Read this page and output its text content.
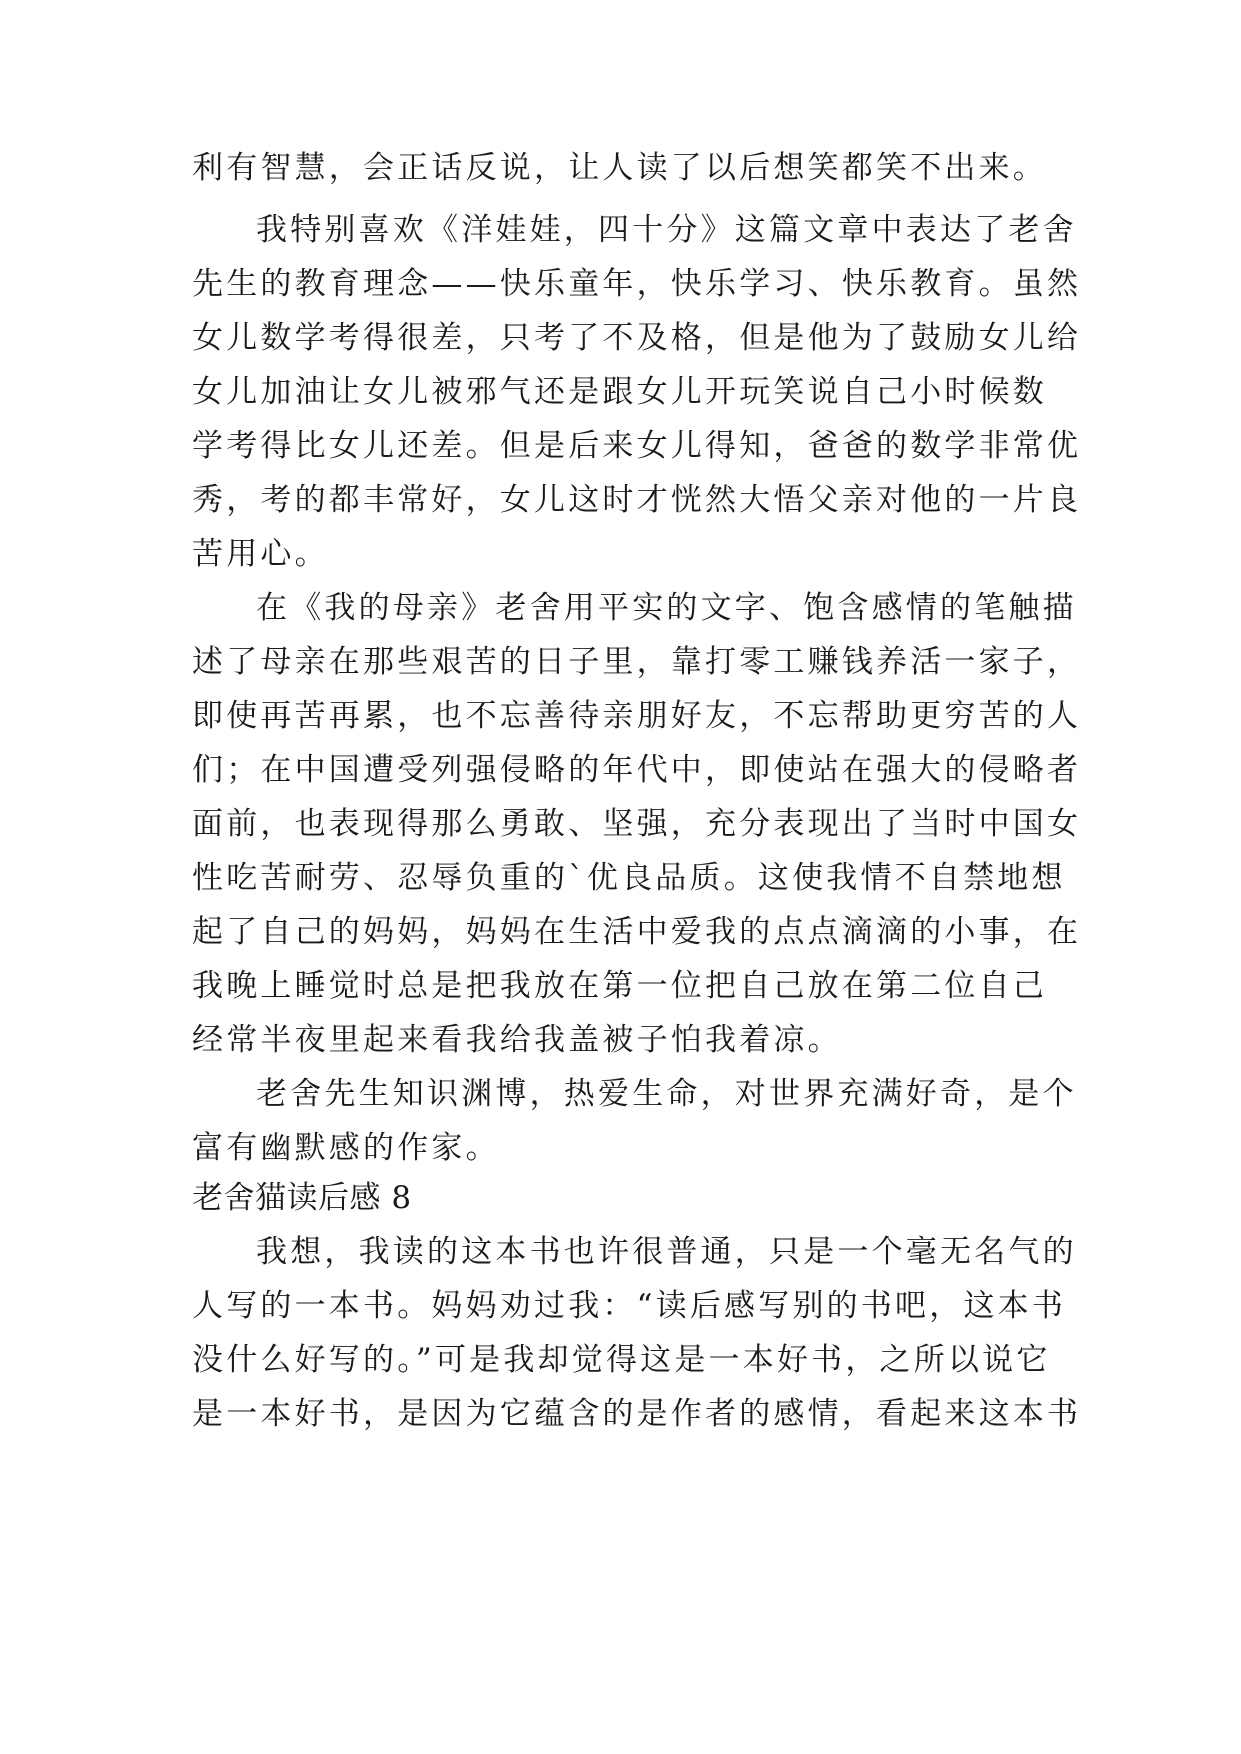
利有智慧，会正话反说，让人读了以后想笑都笑不出来。
我特别喜欢《洋娃娃，四十分》这篇文章中表达了老舍
先生的教育理念——快乐童年，快乐学习、快乐教育。虽然
女儿数学考得很差，只考了不及格，但是他为了鼓励女儿给
女儿加油让女儿被邪气还是跟女儿开玩笑说自己小时候数
学考得比女儿还差。但是后来女儿得知，爸爸的数学非常优
秀，考的都丰常好，女儿这时才恍然大悟父亲对他的一片良
苦用心。
在《我的母亲》老舍用平实的文字、饱含感情的笔触描
述了母亲在那些艰苦的日子里，靠打零工赚钱养活一家子，
即使再苦再累，也不忘善待亲朋好友，不忘帮助更穷苦的人
们；在中国遭受列强侵略的年代中，即使站在强大的侵略者
面前，也表现得那么勇敢、坚强，充分表现出了当时中国女
性吃苦耐劳、忍辱负重的`优良品质。这使我情不自禁地想
起了自己的妈妈，妈妈在生活中爱我的点点滴滴的小事，在
我晚上睡觉时总是把我放在第一位把自己放在第二位自己
经常半夜里起来看我给我盖被子怕我着凉。
老舍先生知识渊博，热爱生命，对世界充满好奇，是个
富有幽默感的作家。
老舍猫读后感 8
我想，我读的这本书也许很普通，只是一个毫无名气的
人写的一本书。妈妈劝过我：“读后感写别的书吧，这本书
没什么好写的。”可是我却觉得这是一本好书，之所以说它
是一本好书，是因为它蕴含的是作者的感情，看起来这本书
